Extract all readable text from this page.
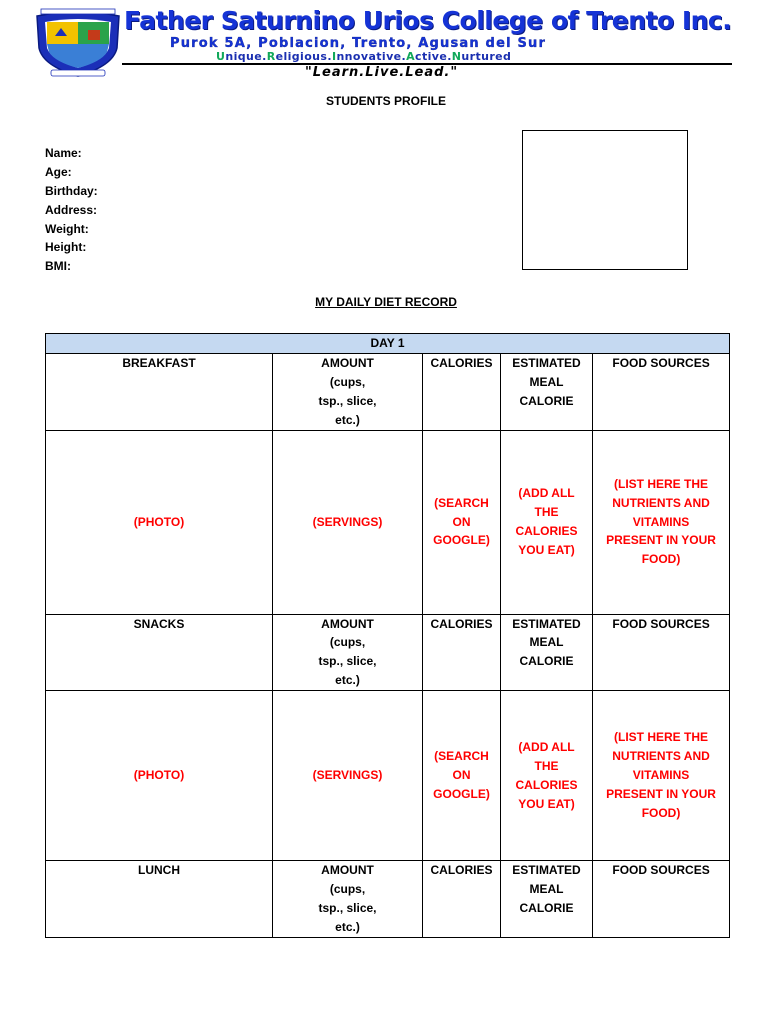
Father Saturnino Urios College of Trento Inc.
Purok 5A, Poblacion, Trento, Agusan del Sur
Unique.Religious.Innovative.Active.Nurtured
"Learn.Live.Lead."
STUDENTS PROFILE
Name:
Age:
Birthday:
Address:
Weight:
Height:
BMI:
MY DAILY DIET RECORD
DAY 1				
BREAKFAST	AMOUNT
(cups,
tsp., slice,
etc.)	CALORIES	ESTIMATED
MEAL
CALORIE	FOOD SOURCES
(PHOTO)	(SERVINGS)	(SEARCH
ON
GOOGLE)	(ADD ALL
THE
CALORIES
YOU EAT)	(LIST HERE THE
NUTRIENTS AND
VITAMINS
PRESENT IN YOUR
FOOD)
SNACKS	AMOUNT
(cups,
tsp., slice,
etc.)	CALORIES	ESTIMATED
MEAL
CALORIE	FOOD SOURCES
(PHOTO)	(SERVINGS)	(SEARCH
ON
GOOGLE)	(ADD ALL
THE
CALORIES
YOU EAT)	(LIST HERE THE
NUTRIENTS AND
VITAMINS
PRESENT IN YOUR
FOOD)
LUNCH	AMOUNT
(cups,
tsp., slice,
etc.)	CALORIES	ESTIMATED
MEAL
CALORIE	FOOD SOURCES
